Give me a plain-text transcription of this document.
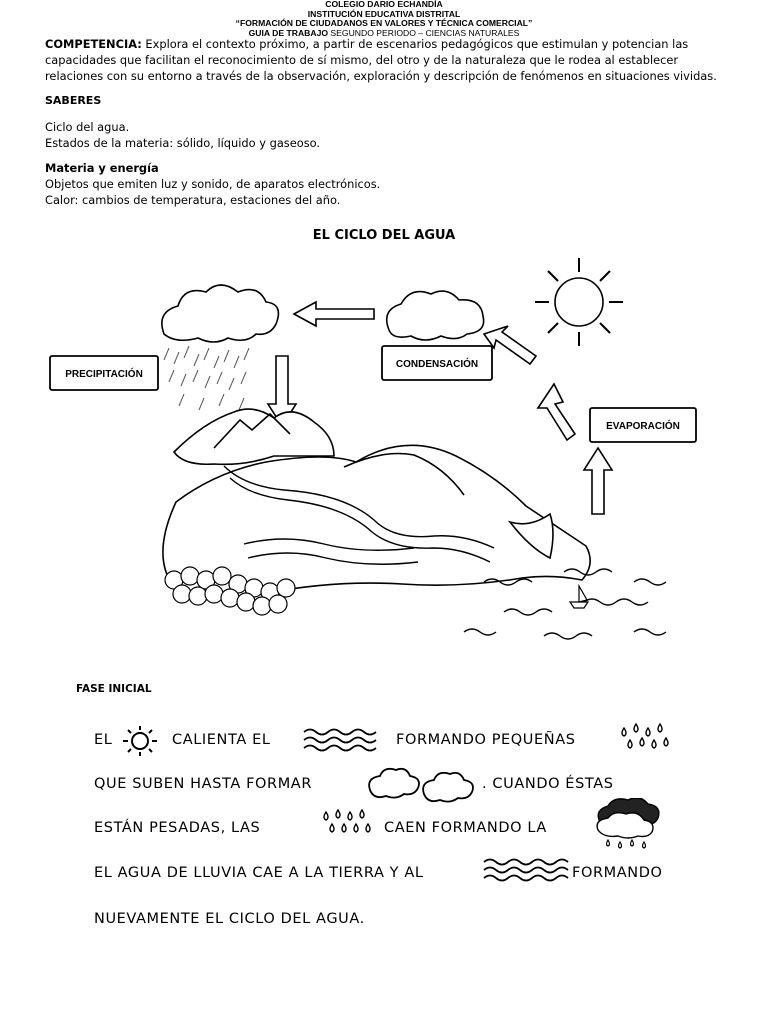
COLEGIO DARIO ECHANDÍA
INSTITUCIÓN EDUCATIVA DISTRITAL
“FORMACIÓN DE CIUDADANOS EN VALORES Y TÉCNICA COMERCIAL”
GUIA DE TRABAJO SEGUNDO PERIODO – CIENCIAS NATURALES
COMPETENCIA: Explora el contexto próximo, a partir de escenarios pedagógicos que estimulan y potencian las capacidades que facilitan el reconocimiento de sí mismo, del otro y de la naturaleza que le rodea al establecer relaciones con su entorno a través de la observación, exploración y descripción de fenómenos en situaciones vividas.
SABERES
Ciclo del agua.
Estados de la materia: sólido, líquido y gaseoso.
Materia y energía
Objetos que emiten luz y sonido, de aparatos electrónicos.
Calor: cambios de temperatura, estaciones del año.
EL CICLO DEL AGUA
PRECIPITACIÓN
CONDENSACIÓN
EVAPORACIÓN
FASE INICIAL
EL	CALIENTA EL	FORMANDO PEQUEÑAS
QUE SUBEN HASTA FORMAR	. CUANDO ÉSTAS
ESTÁN PESADAS, LAS	CAEN FORMANDO LA
EL AGUA DE LLUVIA CAE A LA TIERRA Y AL	FORMANDO
NUEVAMENTE EL CICLO DEL AGUA.
